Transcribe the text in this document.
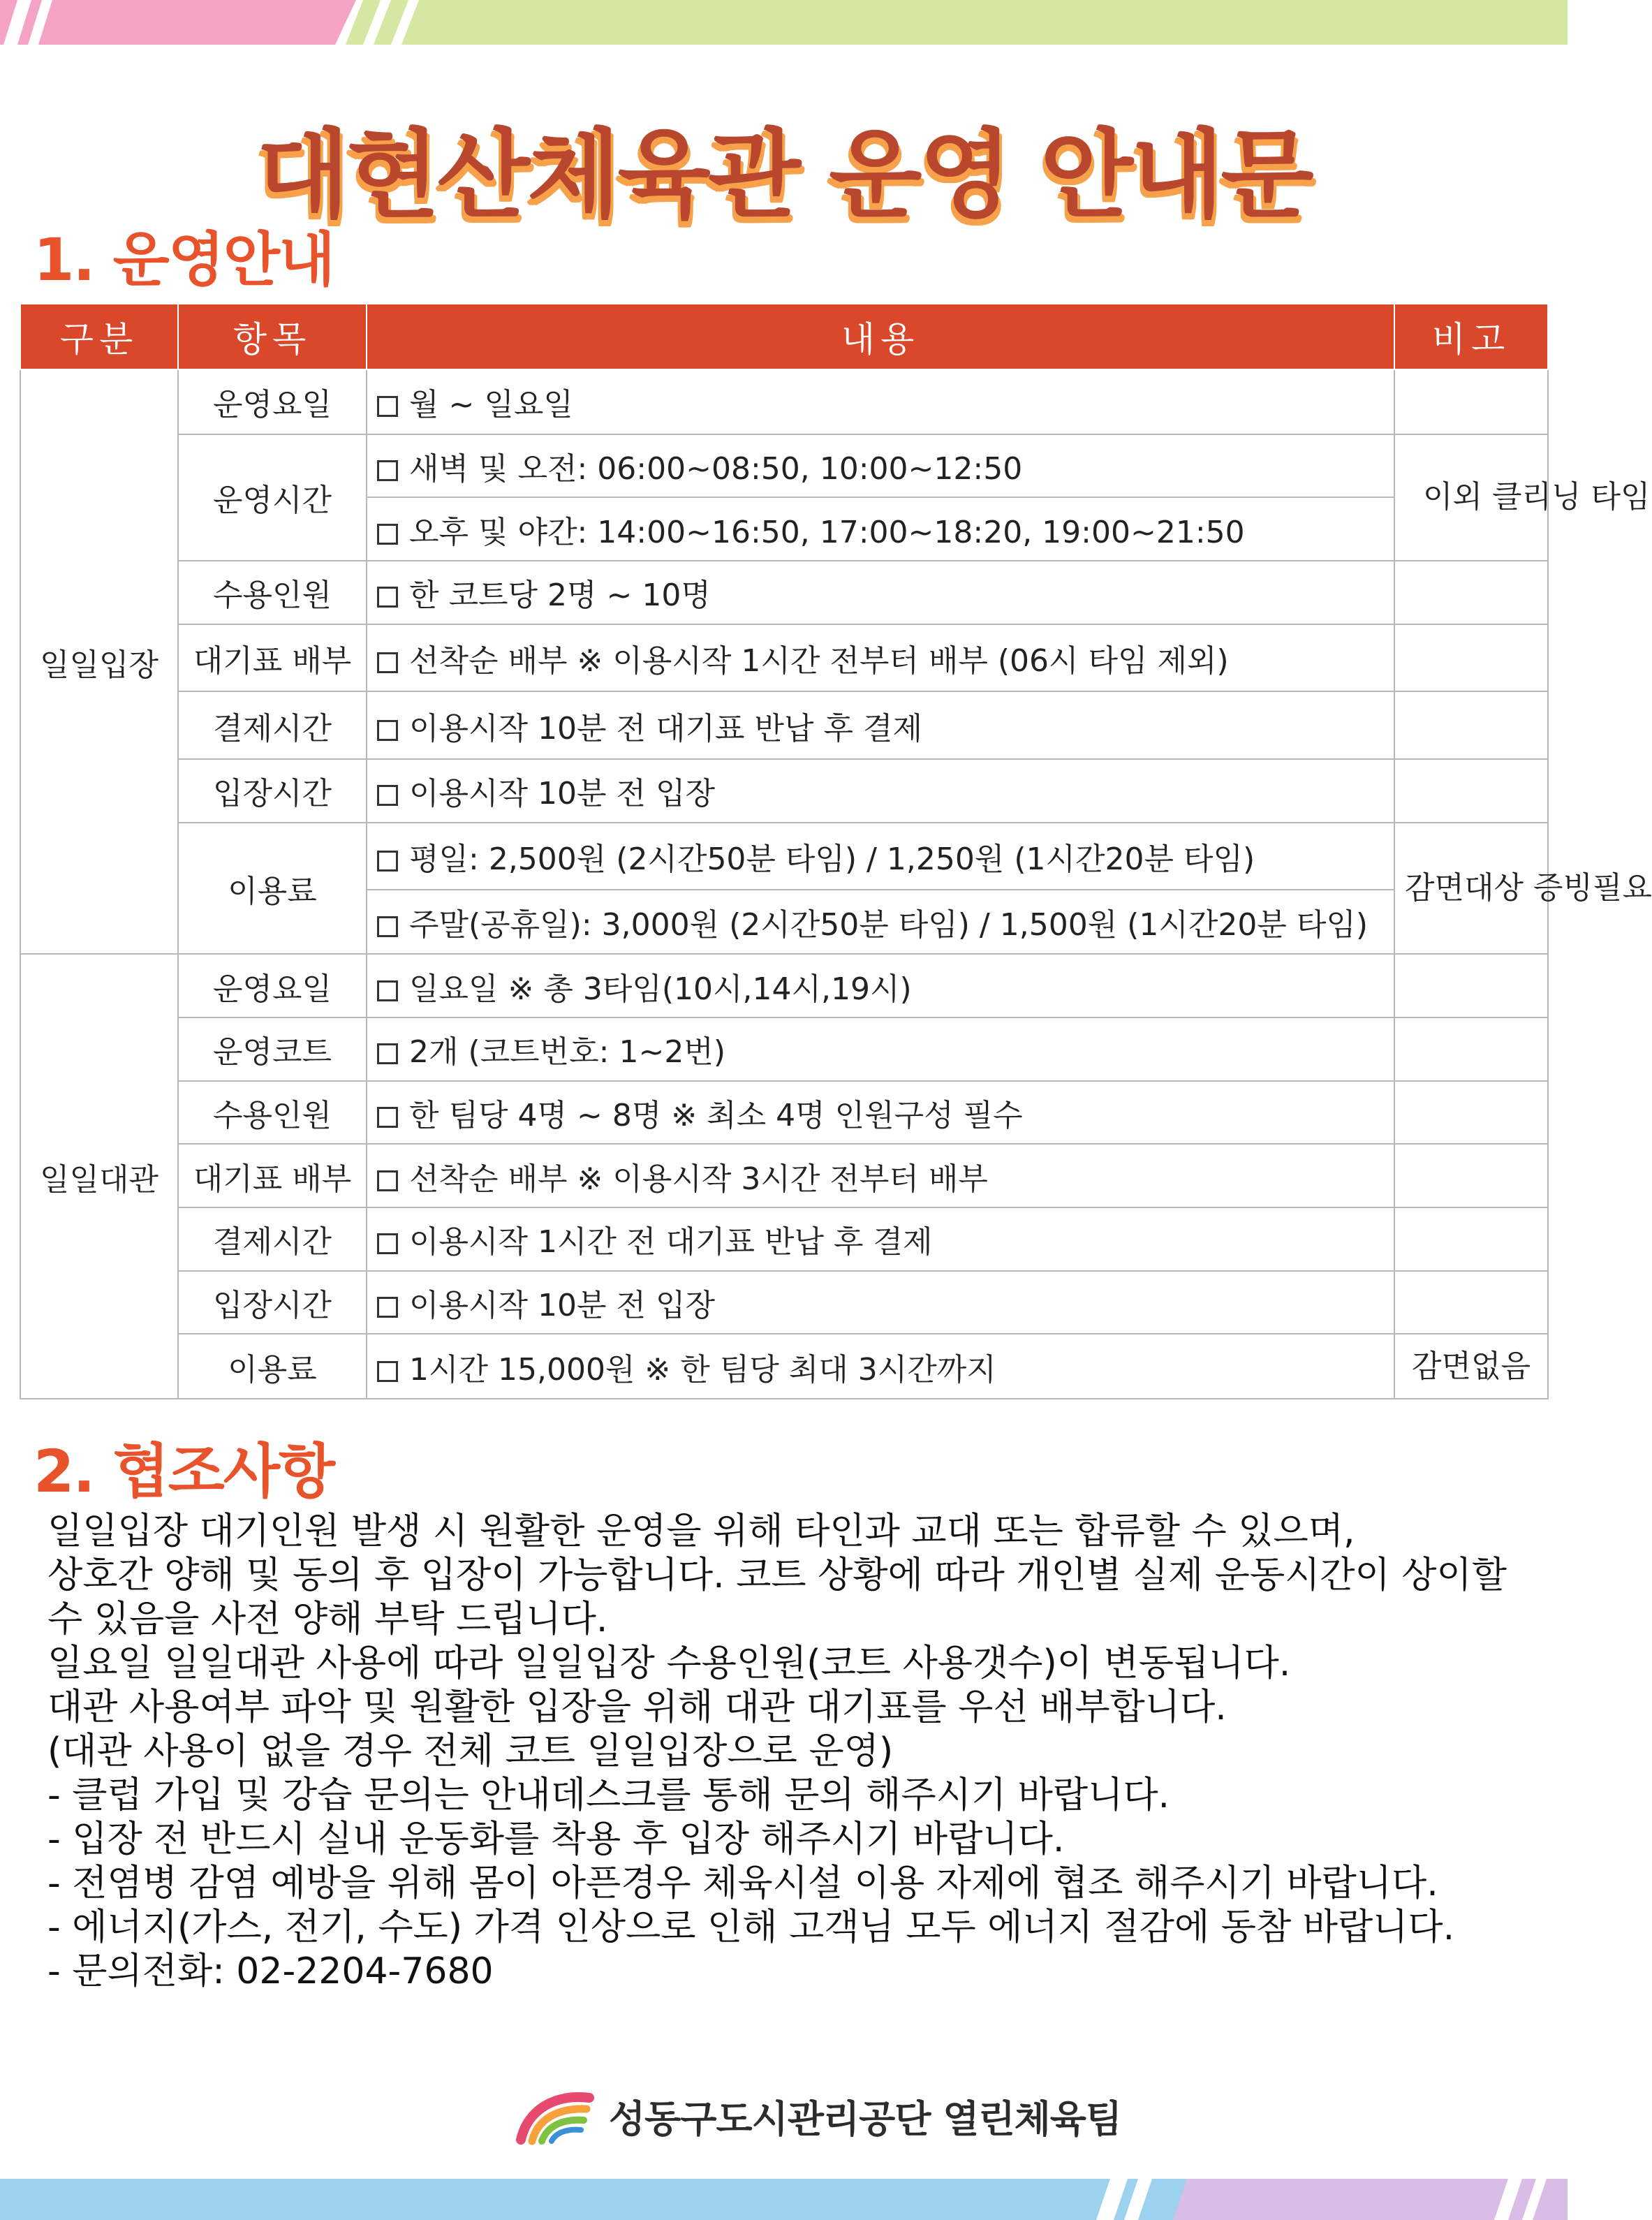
대현산체육관 운영 안내문
1. 운영안내
구분	항목	내용	비고
일일입장	운영요일	월 ~ 일요일	
	운영시간	새벽 및 오전: 06:00~08:50, 10:00~12:50	이외 클리닝 타임
		오후 및 야간: 14:00~16:50, 17:00~18:20, 19:00~21:50	
	수용인원	한 코트당 2명 ~ 10명	
	대기표 배부	선착순 배부 ※ 이용시작 1시간 전부터 배부 (06시 타임 제외)	
	결제시간	이용시작 10분 전 대기표 반납 후 결제	
	입장시간	이용시작 10분 전 입장	
	이용료	평일: 2,500원 (2시간50분 타임) / 1,250원 (1시간20분 타임)	감면대상 증빙필요
		주말(공휴일): 3,000원 (2시간50분 타임) / 1,500원 (1시간20분 타임)	
일일대관	운영요일	일요일 ※ 총 3타임(10시,14시,19시)	
	운영코트	2개 (코트번호: 1~2번)	
	수용인원	한 팀당 4명 ~ 8명 ※ 최소 4명 인원구성 필수	
	대기표 배부	선착순 배부 ※ 이용시작 3시간 전부터 배부	
	결제시간	이용시작 1시간 전 대기표 반납 후 결제	
	입장시간	이용시작 10분 전 입장	
	이용료	1시간 15,000원 ※ 한 팀당 최대 3시간까지	감면없음
2. 협조사항

일일입장 대기인원 발생 시 원활한 운영을 위해 타인과 교대 또는 합류할 수 있으며,

상호간 양해 및 동의 후 입장이 가능합니다. 코트 상황에 따라 개인별 실제 운동시간이 상이할

수 있음을 사전 양해 부탁 드립니다.

일요일 일일대관 사용에 따라 일일입장 수용인원(코트 사용갯수)이 변동됩니다.

대관 사용여부 파악 및 원활한 입장을 위해 대관 대기표를 우선 배부합니다.

(대관 사용이 없을 경우 전체 코트 일일입장으로 운영)

- 클럽 가입 및 강습 문의는 안내데스크를 통해 문의 해주시기 바랍니다.

- 입장 전 반드시 실내 운동화를 착용 후 입장 해주시기 바랍니다.

- 전염병 감염 예방을 위해 몸이 아픈경우 체육시설 이용 자제에 협조 해주시기 바랍니다.

- 에너지(가스, 전기, 수도) 가격 인상으로 인해 고객님 모두 에너지 절감에 동참 바랍니다.

- 문의전화: 02-2204-7680

성동구도시관리공단 열린체육팀
